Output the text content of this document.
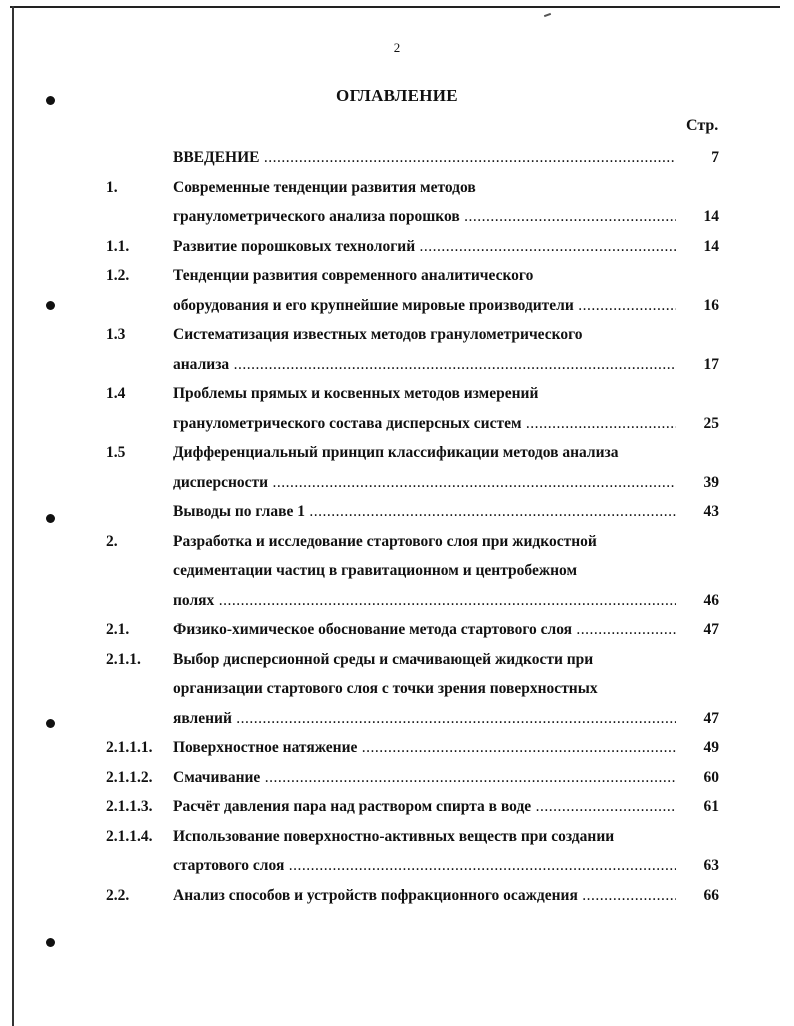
2
ОГЛАВЛЕНИЕ
Стр.
ВВЕДЕНИЕ .....	7
1.	Современные тенденции развития методов
гранулометрического анализа порошков .....	14
1.1.	Развитие порошковых технологий .....	14
1.2.	Тенденции развития современного аналитического
оборудования и его крупнейшие мировые производители .....	16
1.3	Систематизация известных методов гранулометрического
анализа .....	17
1.4	Проблемы прямых и косвенных методов измерений
гранулометрического состава дисперсных систем .....	25
1.5	Дифференциальный принцип классификации методов анализа
дисперсности .....	39
Выводы по главе 1 .....	43
2.	Разработка и исследование стартового слоя при жидкостной
седиментации частиц в гравитационном и центробежном
полях .....	46
2.1.	Физико-химическое обоснование метода стартового слоя .....	47
2.1.1. Выбор дисперсионной среды и смачивающей жидкости при
организации стартового слоя с точки зрения поверхностных
явлений .....	47
2.1.1.1. Поверхностное натяжение .....	49
2.1.1.2. Смачивание .....	60
2.1.1.3. Расчёт давления пара над раствором спирта в воде .....	61
2.1.1.4. Использование поверхностно-активных веществ при создании
стартового слоя .....	63
2.2.	Анализ способов и устройств пофракционного осаждения .....	66
